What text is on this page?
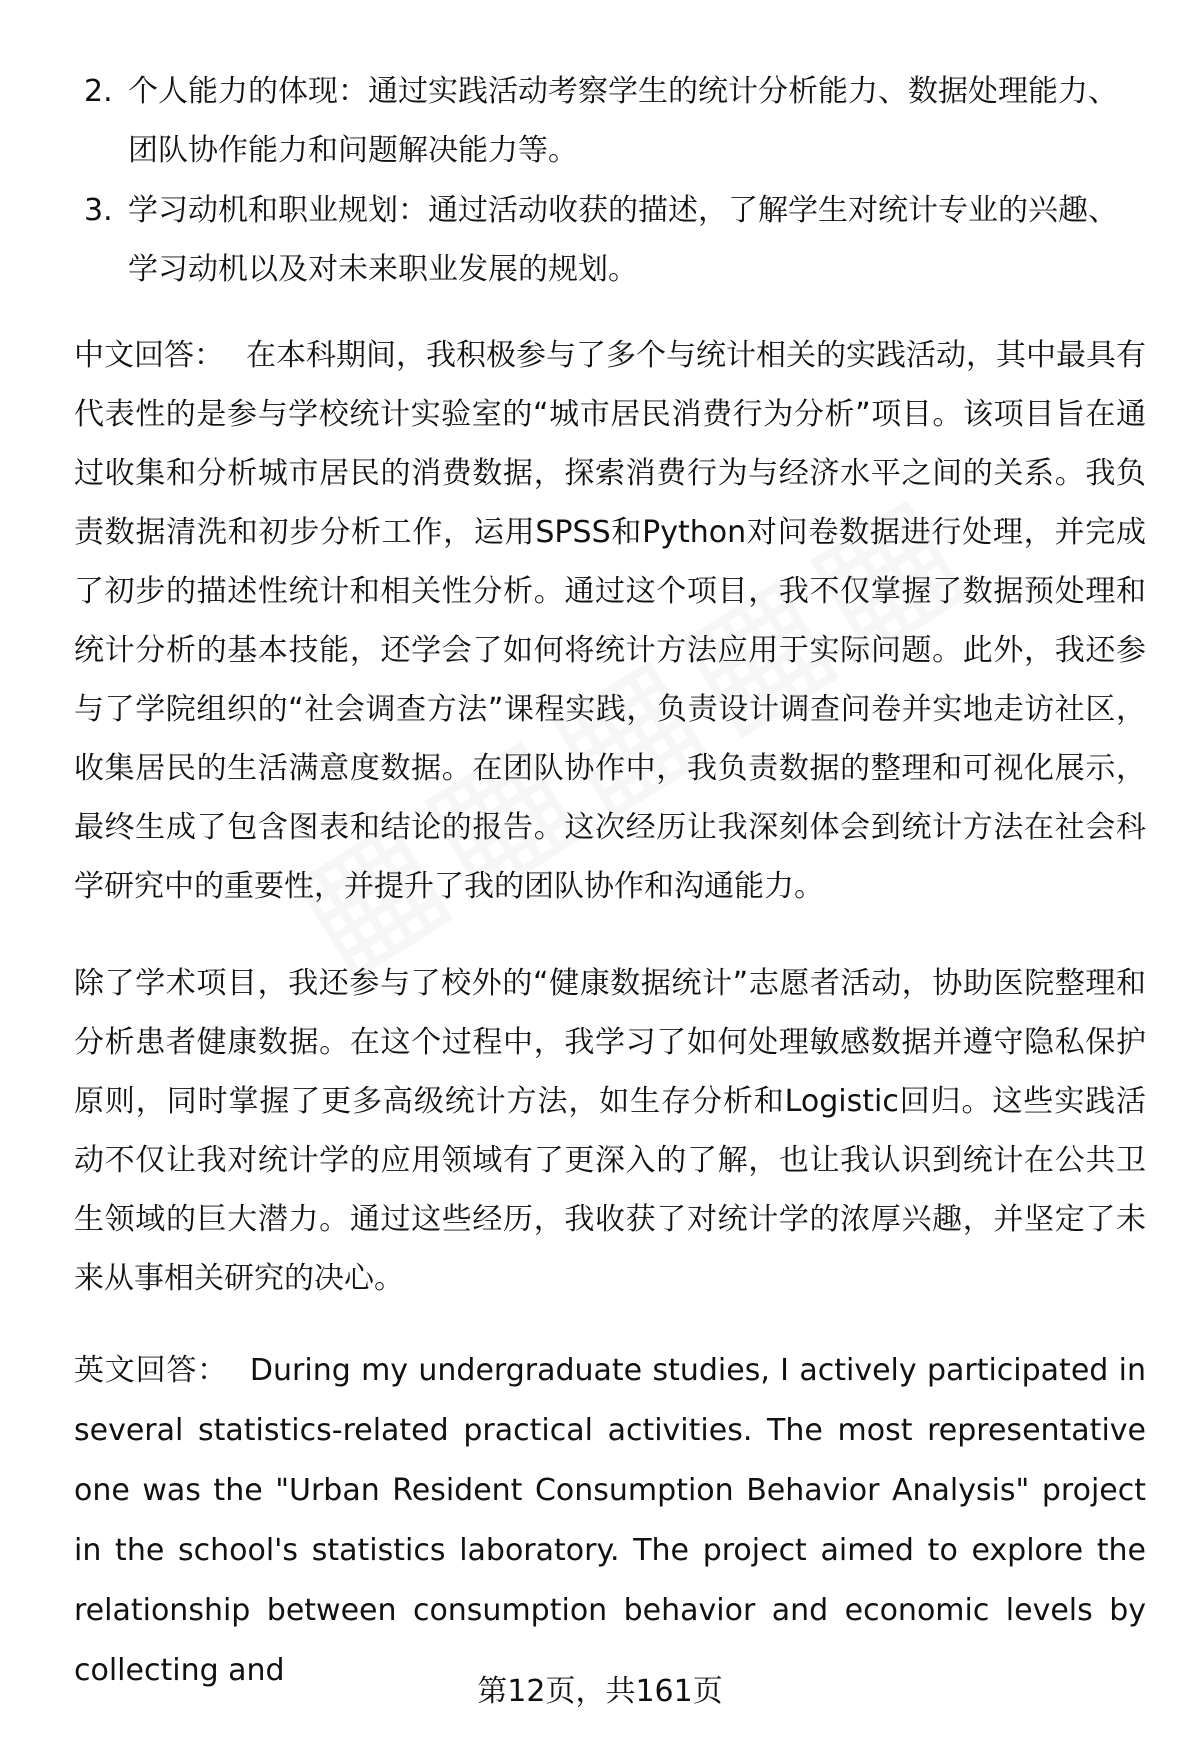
2. 个人能力的体现：通过实践活动考察学生的统计分析能力、数据处理能力、团队协作能力和问题解决能力等。
3. 学习动机和职业规划：通过活动收获的描述，了解学生对统计专业的兴趣、学习动机以及对未来职业发展的规划。

中文回答： 在本科期间，我积极参与了多个与统计相关的实践活动，其中最具有代表性的是参与学校统计实验室的“城市居民消费行为分析”项目。该项目旨在通过收集和分析城市居民的消费数据，探索消费行为与经济水平之间的关系。我负责数据清洗和初步分析工作，运用SPSS和Python对问卷数据进行处理，并完成了初步的描述性统计和相关性分析。通过这个项目，我不仅掌握了数据预处理和统计分析的基本技能，还学会了如何将统计方法应用于实际问题。此外，我还参与了学院组织的“社会调查方法”课程实践，负责设计调查问卷并实地走访社区，收集居民的生活满意度数据。在团队协作中，我负责数据的整理和可视化展示，最终生成了包含图表和结论的报告。这次经历让我深刻体会到统计方法在社会科学研究中的重要性，并提升了我的团队协作和沟通能力。

除了学术项目，我还参与了校外的“健康数据统计”志愿者活动，协助医院整理和分析患者健康数据。在这个过程中，我学习了如何处理敏感数据并遵守隐私保护原则，同时掌握了更多高级统计方法，如生存分析和Logistic回归。这些实践活动不仅让我对统计学的应用领域有了更深入的了解，也让我认识到统计在公共卫生领域的巨大潜力。通过这些经历，我收获了对统计学的浓厚兴趣，并坚定了未来从事相关研究的决心。

英文回答： During my undergraduate studies, I actively participated in several statistics-related practical activities. The most representative one was the "Urban Resident Consumption Behavior Analysis" project in the school's statistics laboratory. The project aimed to explore the relationship between consumption behavior and economic levels by collecting and

第12页，共161页
